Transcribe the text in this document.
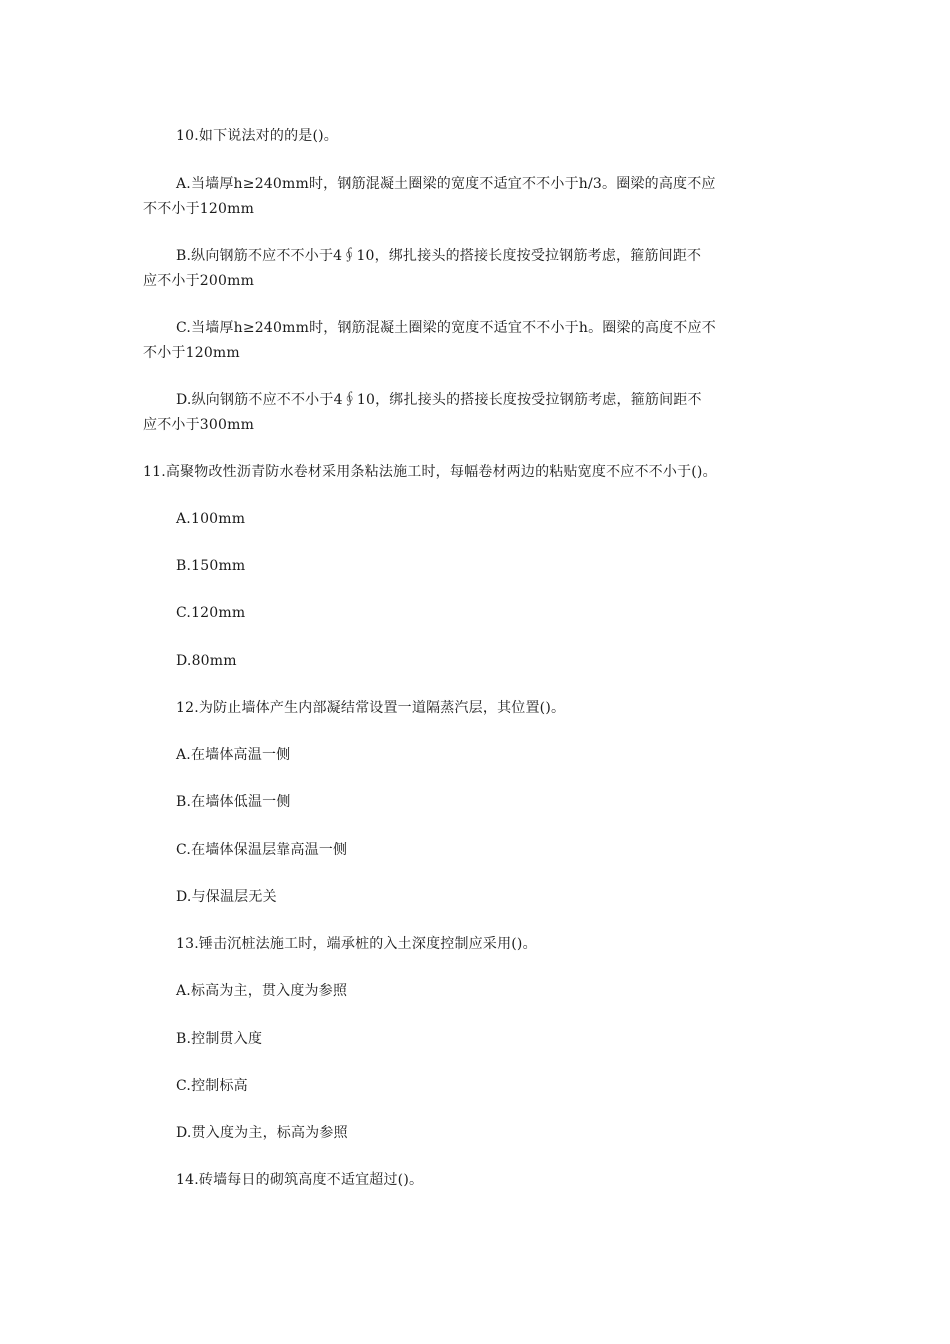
10.如下说法对的的是()。
A.当墙厚h≥240mm时，钢筋混凝土圈梁的宽度不适宜不不小于h/3。圈梁的高度不应
不不小于120mm
B.纵向钢筋不应不不小于4∮10，绑扎接头的搭接长度按受拉钢筋考虑，箍筋间距不
应不小于200mm
C.当墙厚h≥240mm时，钢筋混凝土圈梁的宽度不适宜不不小于h。圈梁的高度不应不
不小于120mm
D.纵向钢筋不应不不小于4∮10，绑扎接头的搭接长度按受拉钢筋考虑，箍筋间距不
应不小于300mm
11.高聚物改性沥青防水卷材采用条粘法施工时，每幅卷材两边的粘贴宽度不应不不小于()。
A.100mm
B.150mm
C.120mm
D.80mm
12.为防止墙体产生内部凝结常设置一道隔蒸汽层，其位置()。
A.在墙体高温一侧
B.在墙体低温一侧
C.在墙体保温层靠高温一侧
D.与保温层无关
13.锤击沉桩法施工时，端承桩的入土深度控制应采用()。
A.标高为主，贯入度为参照
B.控制贯入度
C.控制标高
D.贯入度为主，标高为参照
14.砖墙每日的砌筑高度不适宜超过()。
